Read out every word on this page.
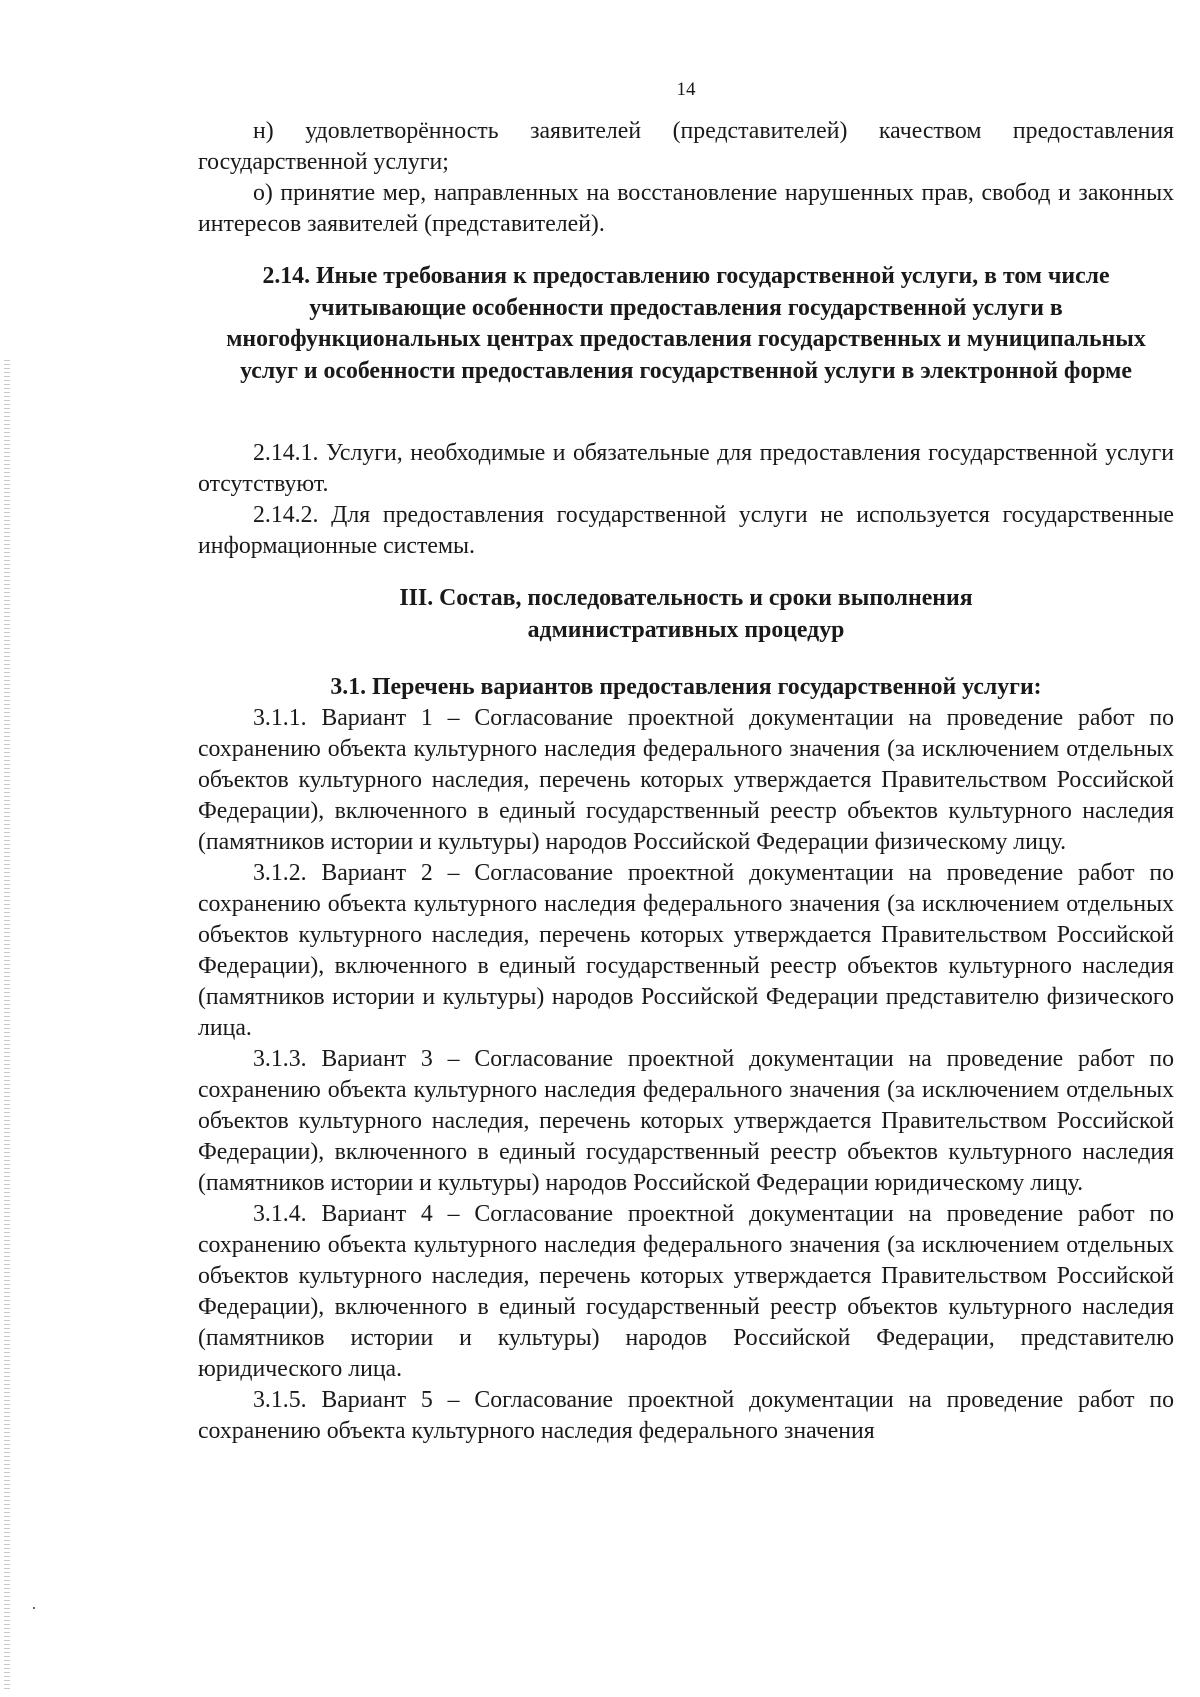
14

н) удовлетворённость заявителей (представителей) качеством предоставления государственной услуги;

о) принятие мер, направленных на восстановление нарушенных прав, свобод и законных интересов заявителей (представителей).

2.14. Иные требования к предоставлению государственной услуги, в том числе учитывающие особенности предоставления государственной услуги в многофункциональных центрах предоставления государственных и муниципальных услуг и особенности предоставления государственной услуги в электронной форме

2.14.1. Услуги, необходимые и обязательные для предоставления государственной услуги отсутствуют.

2.14.2. Для предоставления государственной услуги не используется государственные информационные системы.

III. Состав, последовательность и сроки выполнения

административных процедур

3.1. Перечень вариантов предоставления государственной услуги:

3.1.1. Вариант 1 – Согласование проектной документации на проведение работ по сохранению объекта культурного наследия федерального значения (за исключением отдельных объектов культурного наследия, перечень которых утверждается Правительством Российской Федерации), включенного в единый государственный реестр объектов культурного наследия (памятников истории и культуры) народов Российской Федерации физическому лицу.

3.1.2. Вариант 2 – Согласование проектной документации на проведение работ по сохранению объекта культурного наследия федерального значения (за исключением отдельных объектов культурного наследия, перечень которых утверждается Правительством Российской Федерации), включенного в единый государственный реестр объектов культурного наследия (памятников истории и культуры) народов Российской Федерации представителю физического лица.

3.1.3. Вариант 3 – Согласование проектной документации на проведение работ по сохранению объекта культурного наследия федерального значения (за исключением отдельных объектов культурного наследия, перечень которых утверждается Правительством Российской Федерации), включенного в единый государственный реестр объектов культурного наследия (памятников истории и культуры) народов Российской Федерации юридическому лицу.

3.1.4. Вариант 4 – Согласование проектной документации на проведение работ по сохранению объекта культурного наследия федерального значения (за исключением отдельных объектов культурного наследия, перечень которых утверждается Правительством Российской Федерации), включенного в единый государственный реестр объектов культурного наследия (памятников истории и культуры) народов Российской Федерации, представителю юридического лица.

3.1.5. Вариант 5 – Согласование проектной документации на проведение работ по сохранению объекта культурного наследия федерального значения
